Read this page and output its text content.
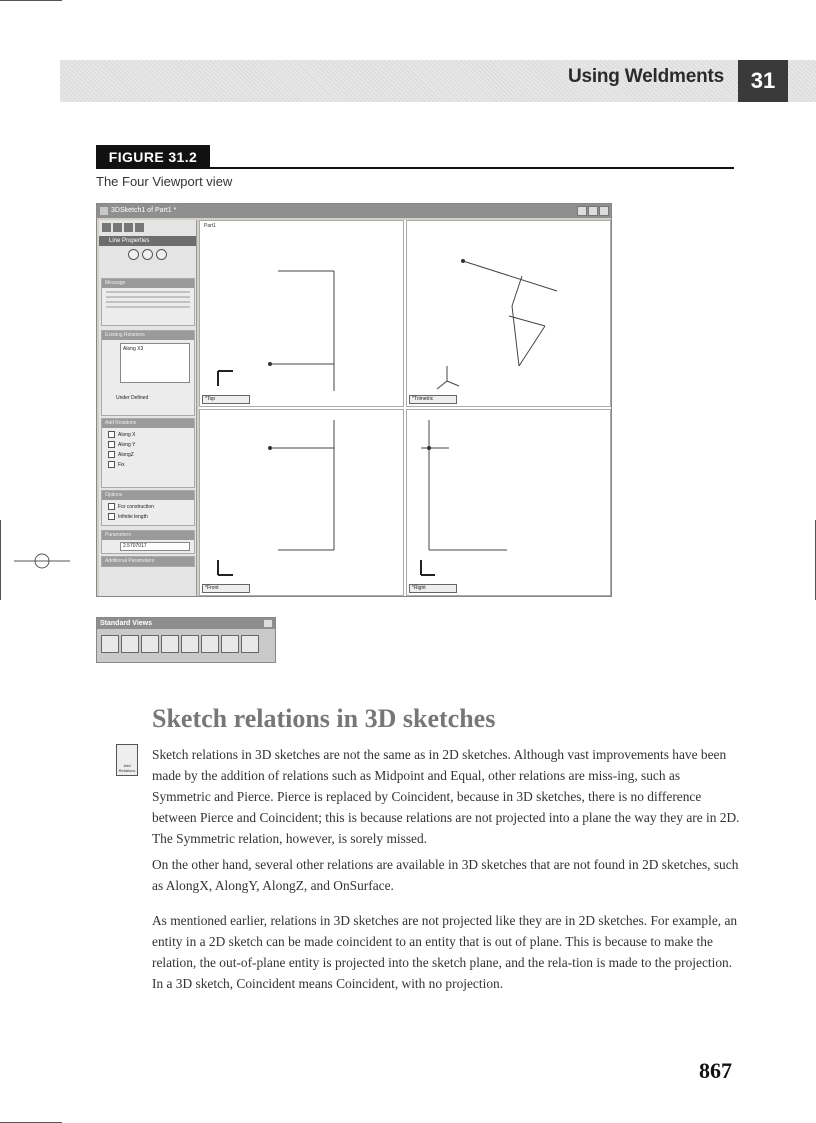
Using Weldments	31
FIGURE 31.2
The Four Viewport view
3DSketch1 of Part1 *
Line Properties
Message
Existing Relations
Along X3
Under Defined
Add Relations
Along X
Along Y
AlongZ
Fix
Options
For construction
Infinite length
Parameters
2.5707017
Additional Parameters
Part1
*Top	*Trimetric
*Front	*Right
Standard Views
Sketch relations in 3D sketches
Add Relations

Sketch relations in 3D sketches are not the same as in 2D sketches. Although vast improvements have been made by the addition of relations such as Midpoint and Equal, other relations are miss-ing, such as Symmetric and Pierce. Pierce is replaced by Coincident, because in 3D sketches, there is no difference between Pierce and Coincident; this is because relations are not projected into a plane the way they are in 2D. The Symmetric relation, however, is sorely missed.

On the other hand, several other relations are available in 3D sketches that are not found in 2D sketches, such as AlongX, AlongY, AlongZ, and OnSurface.

As mentioned earlier, relations in 3D sketches are not projected like they are in 2D sketches. For example, an entity in a 2D sketch can be made coincident to an entity that is out of plane. This is because to make the relation, the out-of-plane entity is projected into the sketch plane, and the rela-tion is made to the projection. In a 3D sketch, Coincident means Coincident, with no projection.

867
